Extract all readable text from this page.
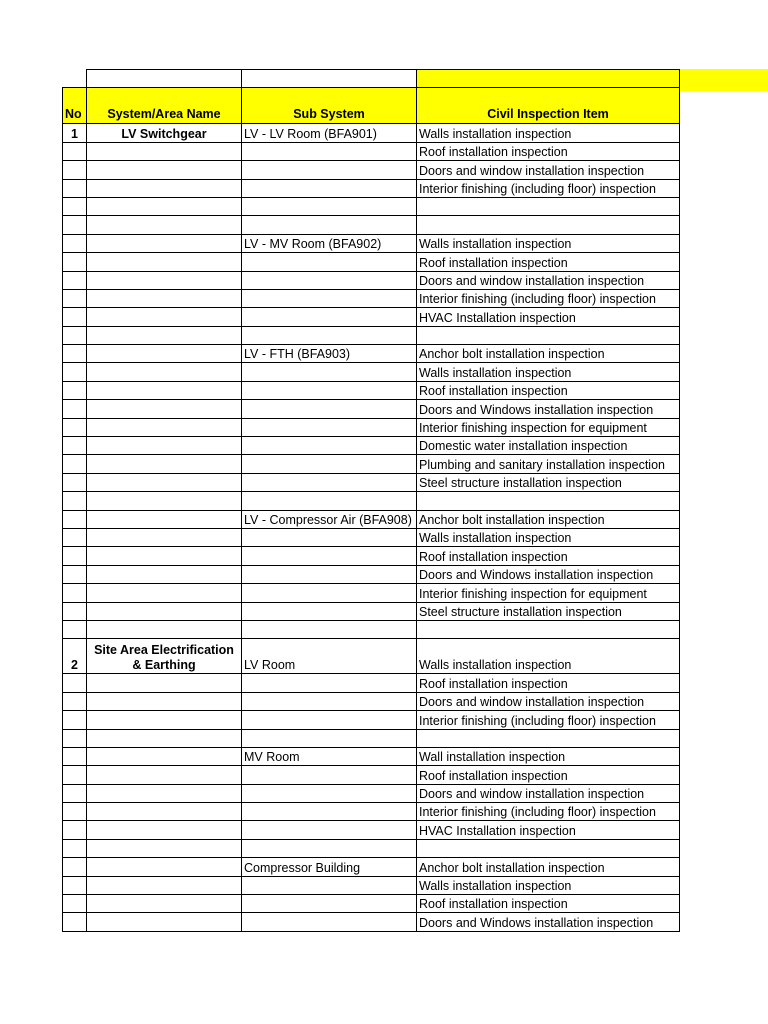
No	System/Area Name	Sub System	Civil Inspection Item
1	LV Switchgear	LV - LV Room (BFA901)	Walls installation inspection
			Roof installation inspection
			Doors and window installation inspection
			Interior finishing (including floor) inspection

		LV - MV Room (BFA902)	Walls installation inspection
			Roof installation inspection
			Doors and window installation inspection
			Interior finishing (including floor) inspection
			HVAC Installation inspection

		LV - FTH (BFA903)	Anchor bolt installation inspection
			Walls installation inspection
			Roof installation inspection
			Doors and Windows installation inspection
			Interior finishing inspection for equipment
			Domestic water installation inspection
			Plumbing and sanitary installation inspection
			Steel structure installation inspection

		LV - Compressor Air (BFA908)	Anchor bolt installation inspection
			Walls installation inspection
			Roof installation inspection
			Doors and Windows installation inspection
			Interior finishing inspection for equipment
			Steel structure installation inspection

2	Site Area Electrification & Earthing	LV Room	Walls installation inspection
			Roof installation inspection
			Doors and window installation inspection
			Interior finishing (including floor) inspection

		MV Room	Wall installation inspection
			Roof installation inspection
			Doors and window installation inspection
			Interior finishing (including floor) inspection
			HVAC Installation inspection

		Compressor Building	Anchor bolt installation inspection
			Walls installation inspection
			Roof installation inspection
			Doors and Windows installation inspection
